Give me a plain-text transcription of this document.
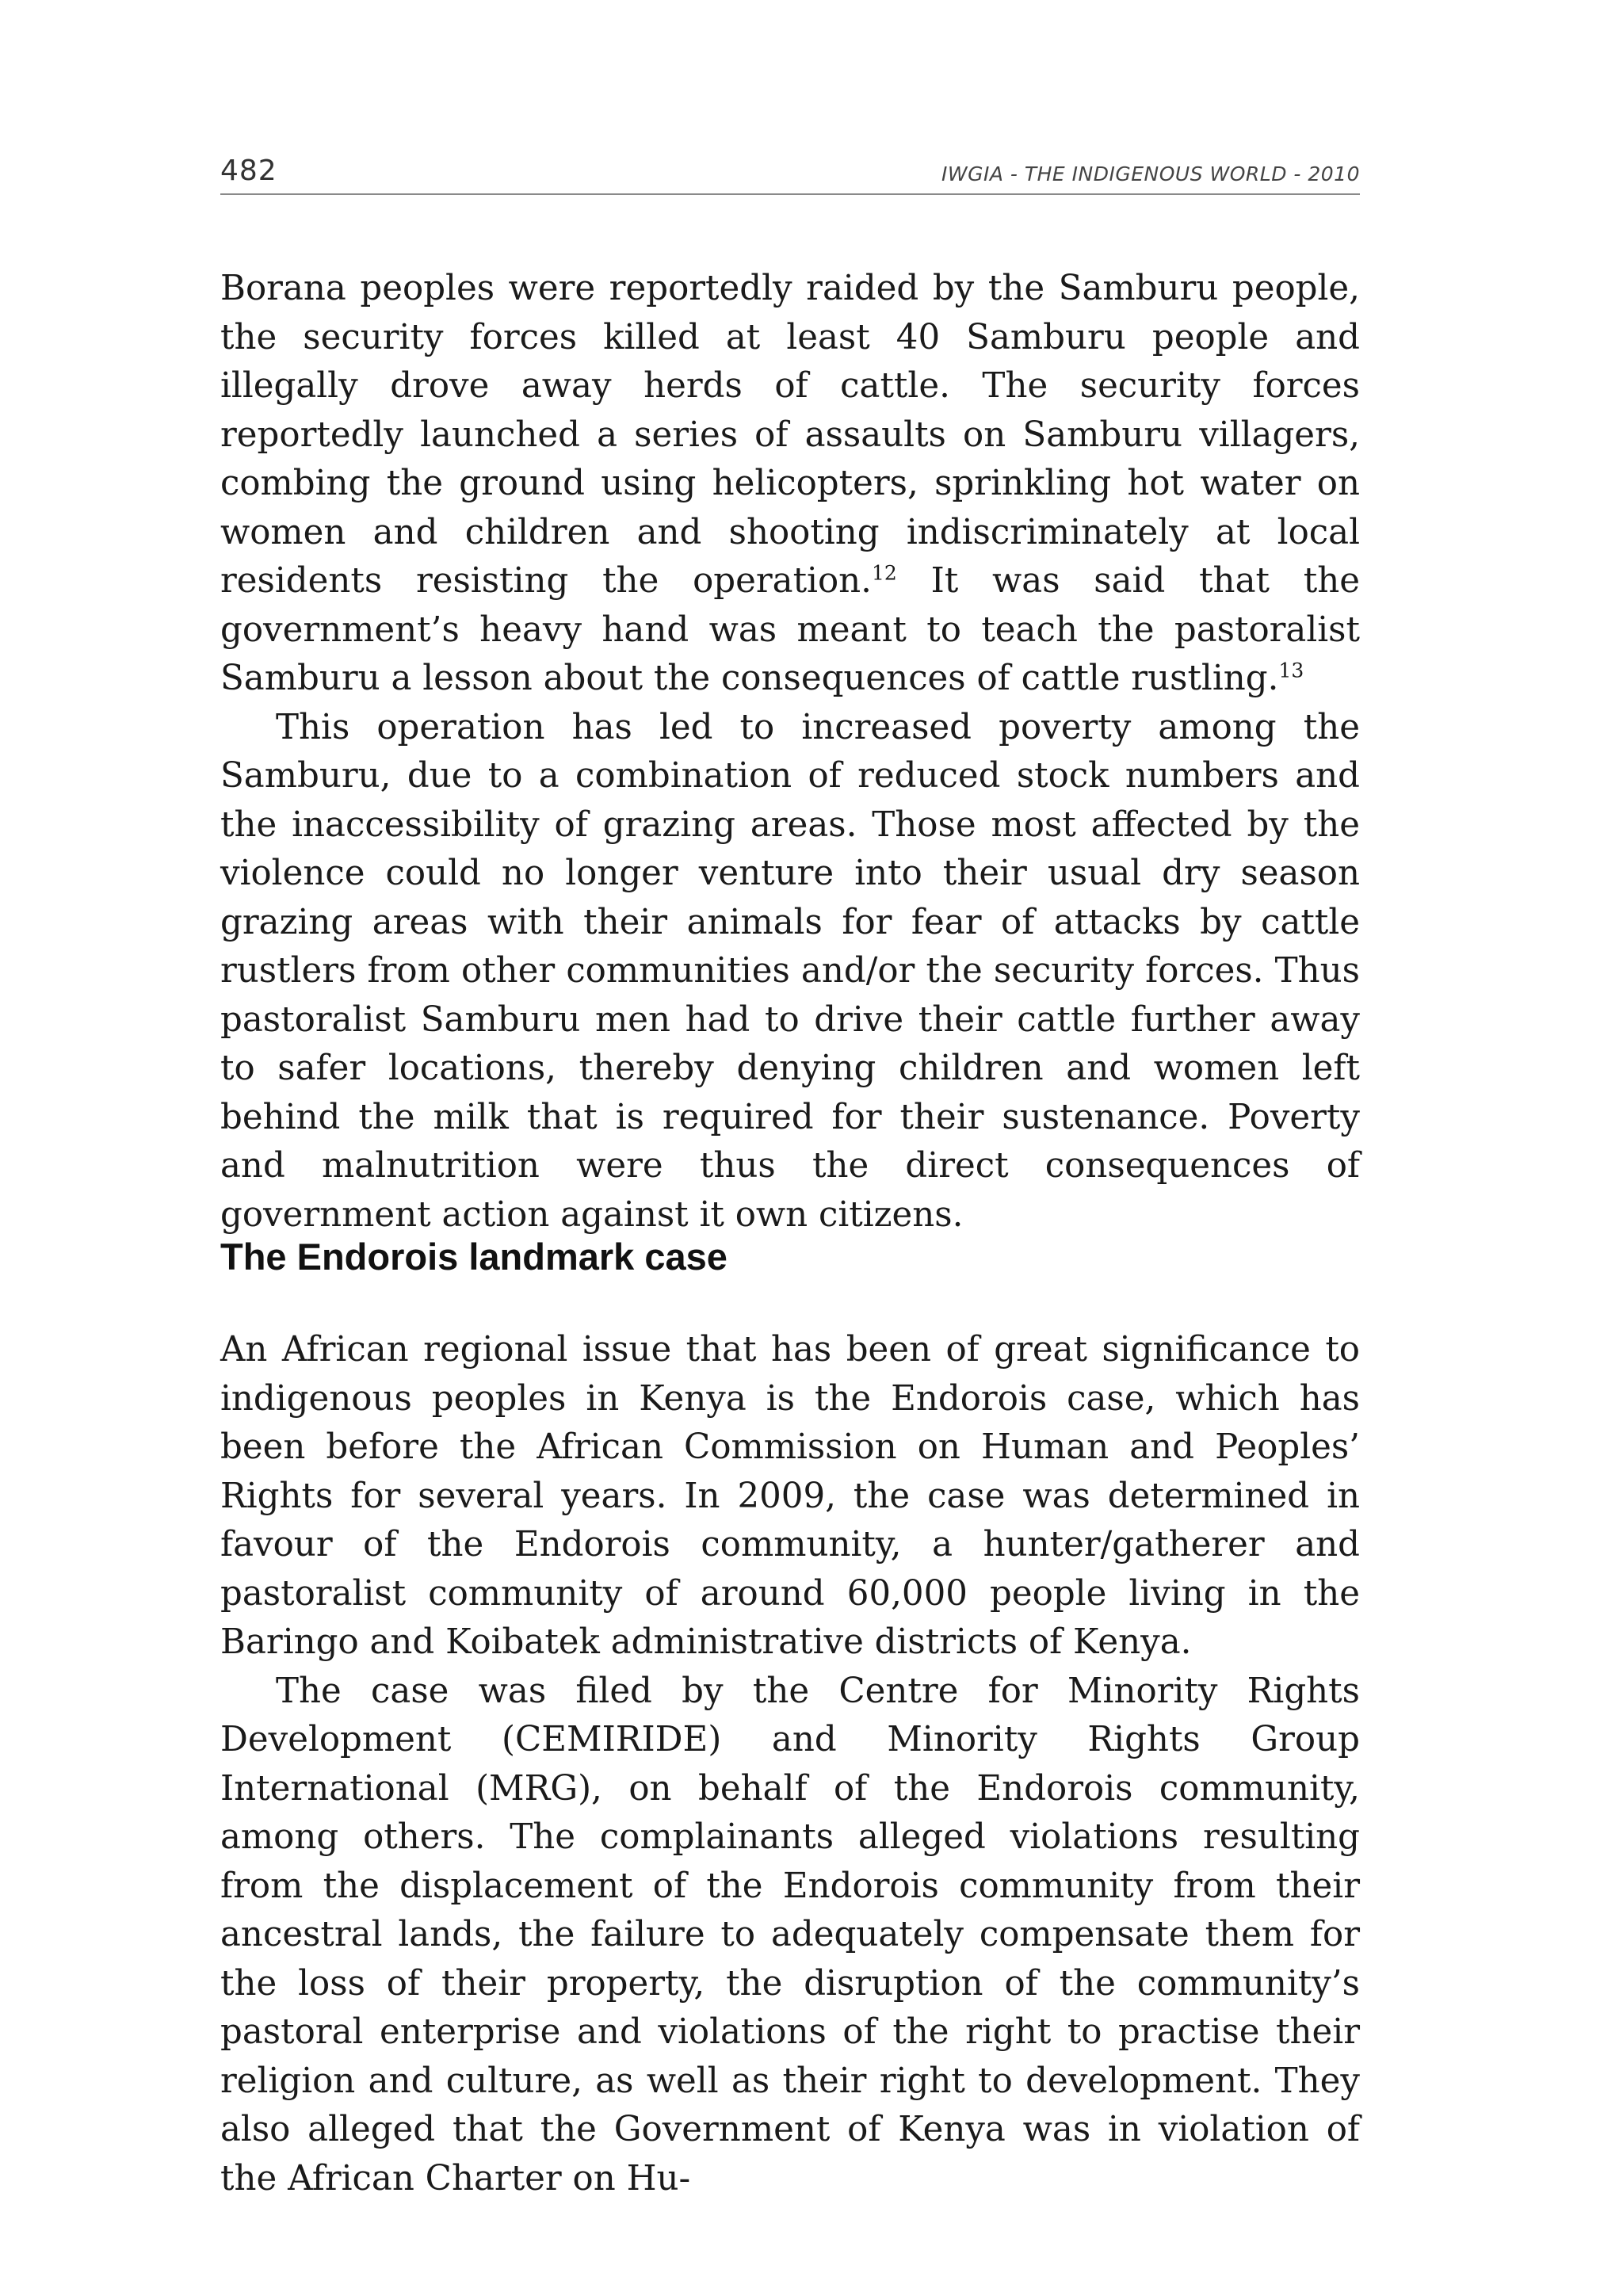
482	IWGIA - THE INDIGENOUS WORLD - 2010

Borana peoples were reportedly raided by the Samburu people, the security forces killed at least 40 Samburu people and illegally drove away herds of cattle. The security forces reportedly launched a series of assaults on Samburu villagers, combing the ground using helicopters, sprinkling hot water on women and children and shooting indiscriminately at local residents resisting the operation.$^{12}$ It was said that the government’s heavy hand was meant to teach the pastoralist Samburu a lesson about the consequences of cattle rustling.$^{13}$

This operation has led to increased poverty among the Samburu, due to a combination of reduced stock numbers and the inaccessibility of grazing areas. Those most affected by the violence could no longer venture into their usual dry season grazing areas with their animals for fear of attacks by cattle rustlers from other communities and/or the security forces. Thus pastoralist Samburu men had to drive their cattle further away to safer locations, thereby denying children and women left behind the milk that is required for their sustenance. Poverty and malnutrition were thus the direct consequences of government action against it own citizens.

The Endorois landmark case

An African regional issue that has been of great significance to indigenous peoples in Kenya is the Endorois case, which has been before the African Commission on Human and Peoples’ Rights for several years. In 2009, the case was determined in favour of the Endorois community, a hunter/gatherer and pastoralist community of around 60,000 people living in the Baringo and Koibatek administrative districts of Kenya.

The case was filed by the Centre for Minority Rights Development (CEMIRIDE) and Minority Rights Group International (MRG), on behalf of the Endorois community, among others. The complainants alleged violations resulting from the displacement of the Endorois community from their ancestral lands, the failure to adequately compensate them for the loss of their property, the disruption of the community’s pastoral enterprise and violations of the right to practise their religion and culture, as well as their right to development. They also alleged that the Government of Kenya was in violation of the African Charter on Hu-
